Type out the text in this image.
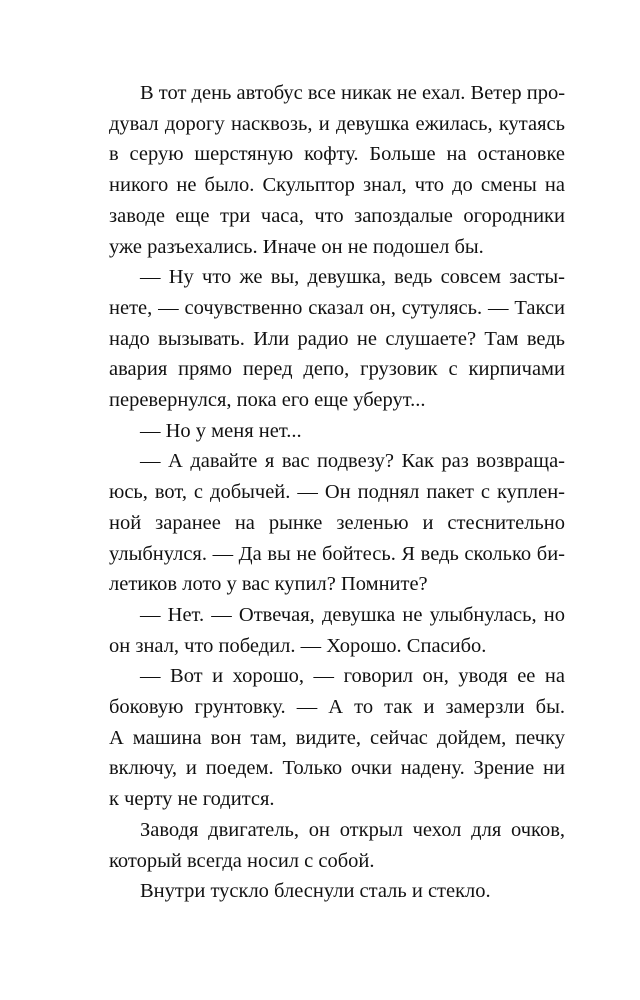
В тот день автобус все никак не ехал. Ветер про-
дувал дорогу насквозь, и девушка ежилась, кутаясь
в серую шерстяную кофту. Больше на остановке
никого не было. Скульптор знал, что до смены на
заводе еще три часа, что запоздалые огородники
уже разъехались. Иначе он не подошел бы.
— Ну что же вы, девушка, ведь совсем засты-
нете, — сочувственно сказал он, сутулясь. — Такси
надо вызывать. Или радио не слушаете? Там ведь
авария прямо перед депо, грузовик с кирпичами
перевернулся, пока его еще уберут...
— Но у меня нет...
— А давайте я вас подвезу? Как раз возвраща-
юсь, вот, с добычей. — Он поднял пакет с куплен-
ной заранее на рынке зеленью и стеснительно
улыбнулся. — Да вы не бойтесь. Я ведь сколько би-
летиков лото у вас купил? Помните?
— Нет. — Отвечая, девушка не улыбнулась, но
он знал, что победил. — Хорошо. Спасибо.
— Вот и хорошо, — говорил он, уводя ее на
боковую грунтовку. — А то так и замерзли бы.
А машина вон там, видите, сейчас дойдем, печку
включу, и поедем. Только очки надену. Зрение ни
к черту не годится.
Заводя двигатель, он открыл чехол для очков,
который всегда носил с собой.
Внутри тускло блеснули сталь и стекло.
